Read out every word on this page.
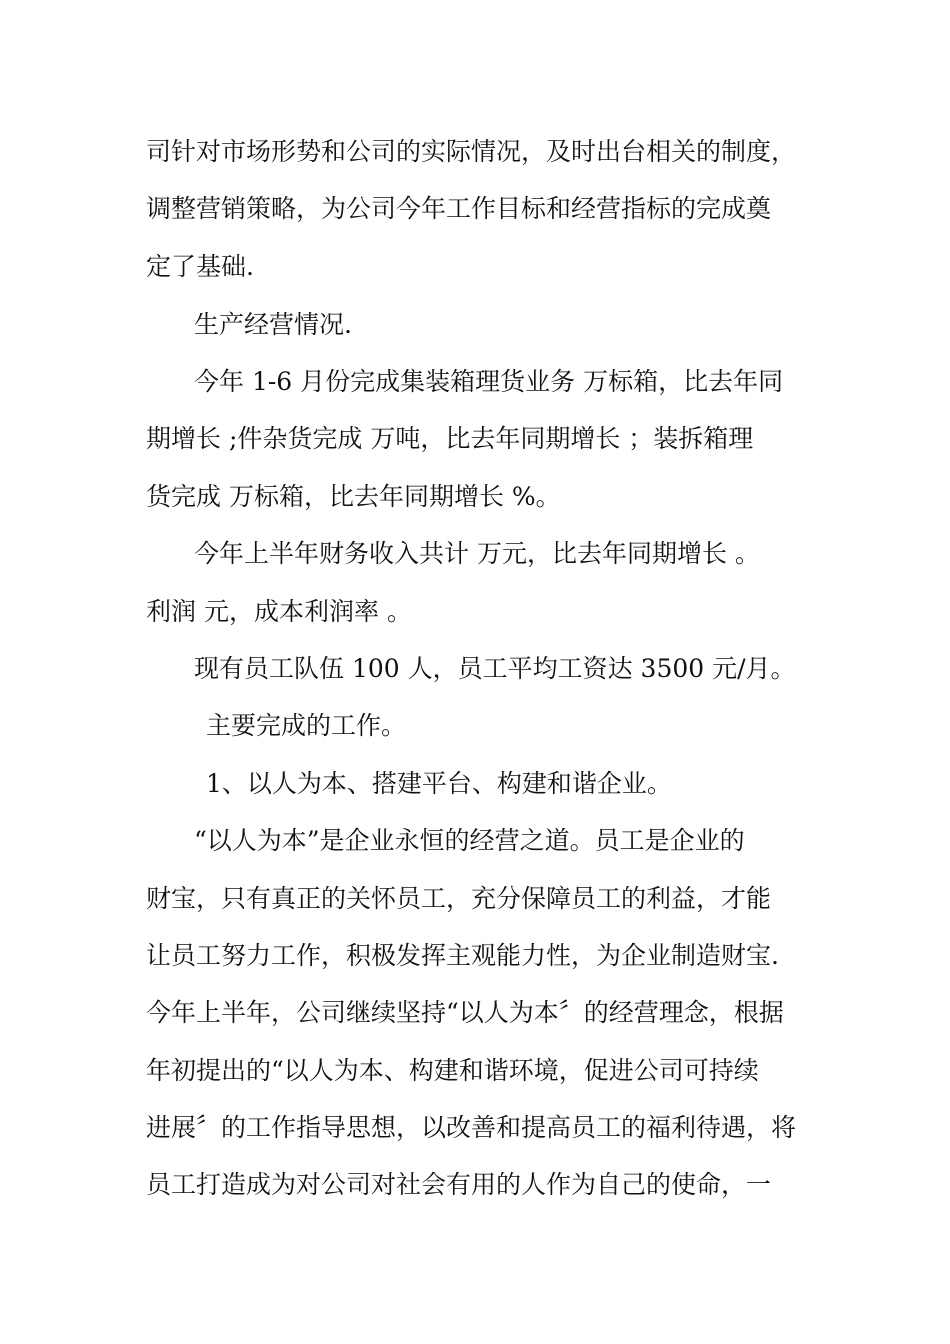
司针对市场形势和公司的实际情况，及时出台相关的制度，
调整营销策略，为公司今年工作目标和经营指标的完成奠
定了基础.
生产经营情况.
今年 1-6 月份完成集装箱理货业务 万标箱，比去年同
期增长 ;件杂货完成 万吨，比去年同期增长 ；装拆箱理
货完成 万标箱，比去年同期增长 %。
今年上半年财务收入共计 万元，比去年同期增长 。
利润 元，成本利润率 。
现有员工队伍 100 人，员工平均工资达 3500 元/月。
主要完成的工作。
1、以人为本、搭建平台、构建和谐企业。
“以人为本”是企业永恒的经营之道。员工是企业的
财宝，只有真正的关怀员工，充分保障员工的利益，才能
让员工努力工作，积极发挥主观能力性，为企业制造财宝.
今年上半年，公司继续坚持“以人为本〞的经营理念，根据
年初提出的“以人为本、构建和谐环境，促进公司可持续
进展〞的工作指导思想，以改善和提高员工的福利待遇，将
员工打造成为对公司对社会有用的人作为自己的使命，一
